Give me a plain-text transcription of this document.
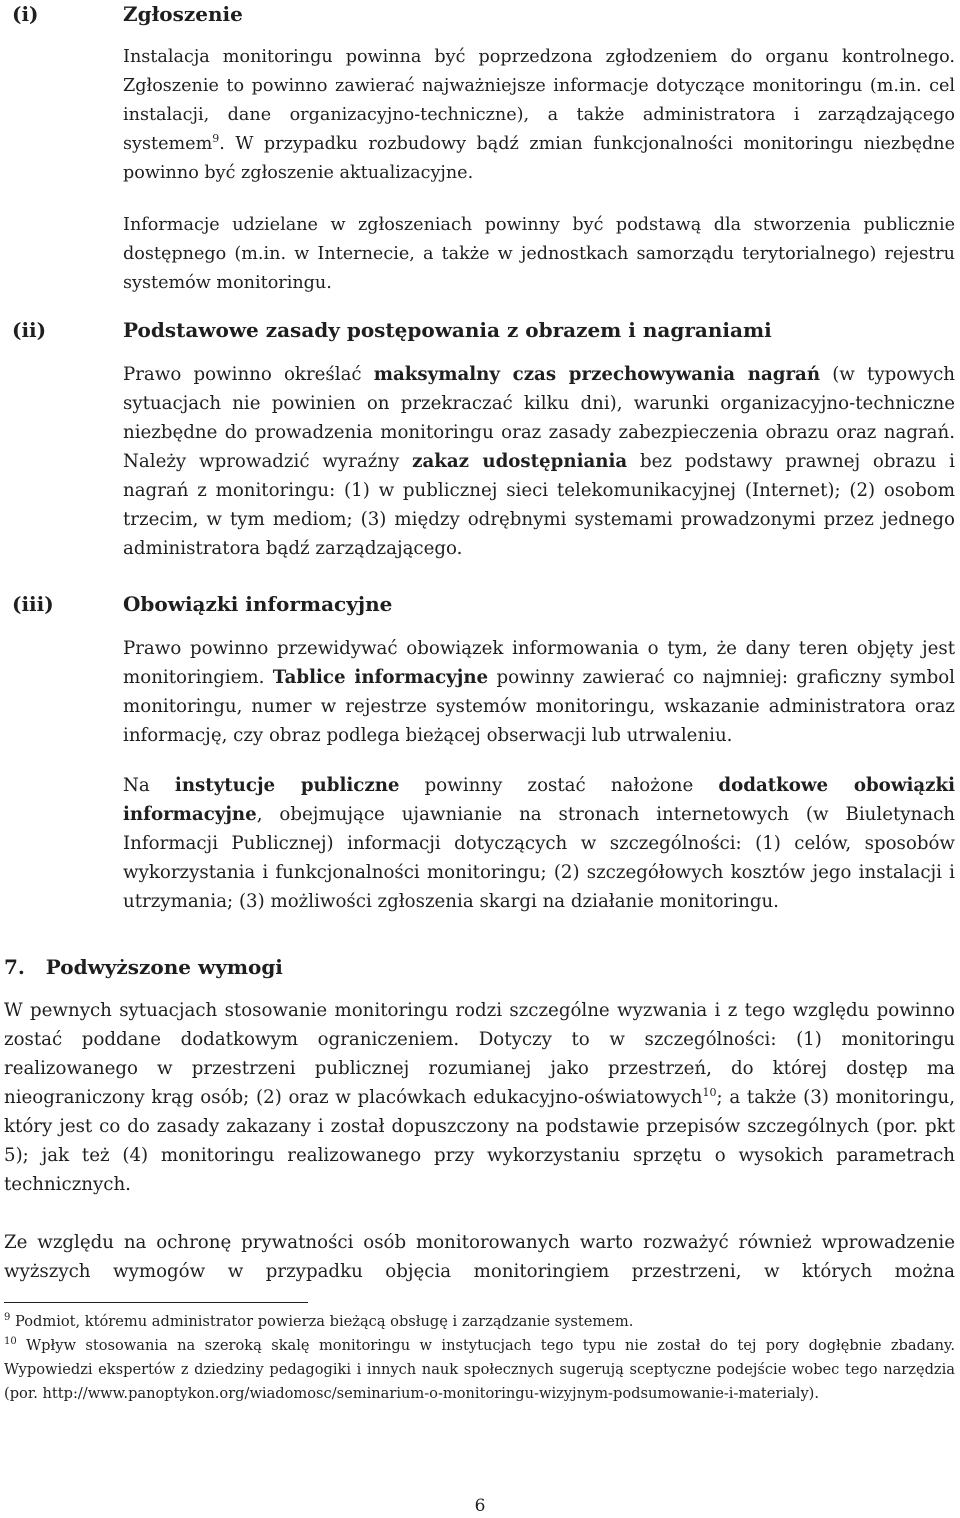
(i)	Zgłoszenie
Instalacja monitoringu powinna być poprzedzona zgłodzeniem do organu kontrolnego. Zgłoszenie to powinno zawierać najważniejsze informacje dotyczące monitoringu (m.in. cel instalacji, dane organizacyjno-techniczne), a także administratora i zarządzającego systemem$^9$. W przypadku rozbudowy bądź zmian funkcjonalności monitoringu niezbędne powinno być zgłoszenie aktualizacyjne.
Informacje udzielane w zgłoszeniach powinny być podstawą dla stworzenia publicznie dostępnego (m.in. w Internecie, a także w jednostkach samorządu terytorialnego) rejestru systemów monitoringu.
(ii)	Podstawowe zasady postępowania z obrazem i nagraniami
Prawo powinno określać maksymalny czas przechowywania nagrań (w typowych sytuacjach nie powinien on przekraczać kilku dni), warunki organizacyjno-techniczne niezbędne do prowadzenia monitoringu oraz zasady zabezpieczenia obrazu oraz nagrań. Należy wprowadzić wyraźny zakaz udostępniania bez podstawy prawnej obrazu i nagrań z monitoringu: (1) w publicznej sieci telekomunikacyjnej (Internet); (2) osobom trzecim, w tym mediom; (3) między odrębnymi systemami prowadzonymi przez jednego administratora bądź zarządzającego.
(iii)	Obowiązki informacyjne
Prawo powinno przewidywać obowiązek informowania o tym, że dany teren objęty jest monitoringiem. Tablice informacyjne powinny zawierać co najmniej: graficzny symbol monitoringu, numer w rejestrze systemów monitoringu, wskazanie administratora oraz informację, czy obraz podlega bieżącej obserwacji lub utrwaleniu.
Na instytucje publiczne powinny zostać nałożone dodatkowe obowiązki informacyjne, obejmujące ujawnianie na stronach internetowych (w Biuletynach Informacji Publicznej) informacji dotyczących w szczególności: (1) celów, sposobów wykorzystania i funkcjonalności monitoringu; (2) szczegółowych kosztów jego instalacji i utrzymania; (3) możliwości zgłoszenia skargi na działanie monitoringu.
7.   Podwyższone wymogi
W pewnych sytuacjach stosowanie monitoringu rodzi szczególne wyzwania i z tego względu powinno zostać poddane dodatkowym ograniczeniem. Dotyczy to w szczególności: (1) monitoringu realizowanego w przestrzeni publicznej rozumianej jako przestrzeń, do której dostęp ma nieograniczony krąg osób; (2) oraz w placówkach edukacyjno-oświatowych$^{10}$; a także (3) monitoringu, który jest co do zasady zakazany i został dopuszczony na podstawie przepisów szczególnych (por. pkt 5); jak też (4) monitoringu realizowanego przy wykorzystaniu sprzętu o wysokich parametrach technicznych.
Ze względu na ochronę prywatności osób monitorowanych warto rozważyć również wprowadzenie wyższych wymogów w przypadku objęcia monitoringiem przestrzeni, w których można
$^9$ Podmiot, któremu administrator powierza bieżącą obsługę i zarządzanie systemem.
$^{10}$ Wpływ stosowania na szeroką skalę monitoringu w instytucjach tego typu nie został do tej pory dogłębnie zbadany. Wypowiedzi ekspertów z dziedziny pedagogiki i innych nauk społecznych sugerują sceptyczne podejście wobec tego narzędzia (por. http://www.panoptykon.org/wiadomosc/seminarium-o-monitoringu-wizyjnym-podsumowanie-i-materialy).
6
